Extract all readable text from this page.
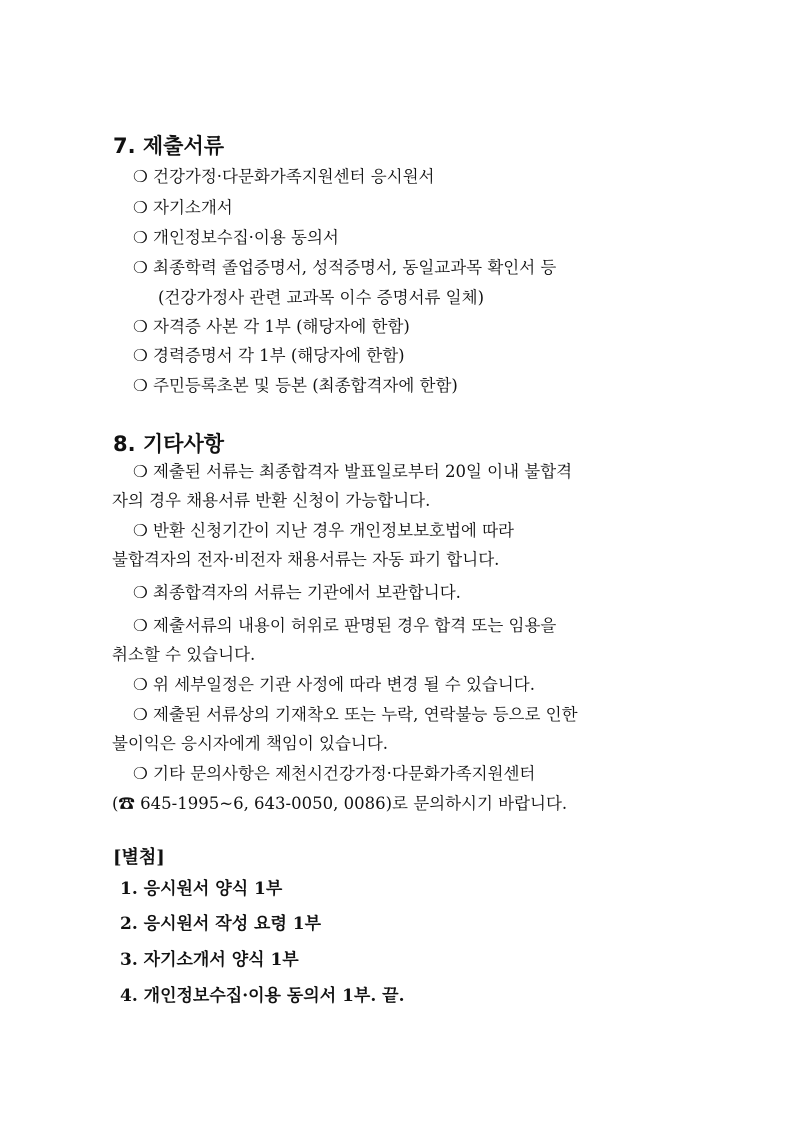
7. 제출서류
❍ 건강가정·다문화가족지원센터 응시원서
❍ 자기소개서
❍ 개인정보수집·이용 동의서
❍ 최종학력 졸업증명서, 성적증명서, 동일교과목 확인서 등
(건강가정사 관련 교과목 이수 증명서류 일체)
❍ 자격증 사본 각 1부 (해당자에 한함)
❍ 경력증명서 각 1부 (해당자에 한함)
❍ 주민등록초본 및 등본 (최종합격자에 한함)
8. 기타사항
❍ 제출된 서류는 최종합격자 발표일로부터 20일 이내 불합격
자의 경우 채용서류 반환 신청이 가능합니다.
❍ 반환 신청기간이 지난 경우 개인정보보호법에 따라
불합격자의 전자·비전자 채용서류는 자동 파기 합니다.
❍ 최종합격자의 서류는 기관에서 보관합니다.
❍ 제출서류의 내용이 허위로 판명된 경우 합격 또는 임용을
취소할 수 있습니다.
❍ 위 세부일정은 기관 사정에 따라 변경 될 수 있습니다.
❍ 제출된 서류상의 기재착오 또는 누락, 연락불능 등으로 인한
불이익은 응시자에게 책임이 있습니다.
❍ 기타 문의사항은 제천시건강가정·다문화가족지원센터
(☎ 645-1995~6, 643-0050, 0086)로 문의하시기 바랍니다.
[별첨]
1. 응시원서 양식 1부
2. 응시원서 작성 요령 1부
3. 자기소개서 양식 1부
4. 개인정보수집·이용 동의서 1부. 끝.
